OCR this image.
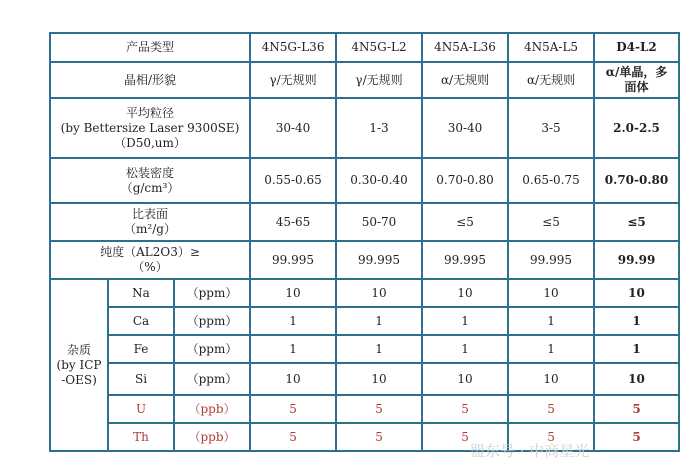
产品类型			4N5G-L36	4N5G-L2	4N5A-L36	4N5A-L5	D4-L2
晶相/形貌			γ/无规则	γ/无规则	α/无规则	α/无规则	α/单晶，多面体

平均粒径
(by Bettersize Laser 9300SE)
（D50,um）			30-40	1-3	30-40	3-5	2.0-2.5

松装密度
（g/cm³）			0.55-0.65	0.30-0.40	0.70-0.80	0.65-0.75	0.70-0.80

比表面
（m²/g）			45-65	50-70	≤5	≤5	≤5

纯度（AL2O3）≥
（%）			99.995	99.995	99.995	99.995	99.99

杂质
(by ICP
-OES)	Na	（ppm）	10	10	10	10	10
	Ca	（ppm）	1	1	1	1	1
	Fe	（ppm）	1	1	1	1	1
	Si	（ppm）	10	10	10	10	10
	U	（ppb）	5	5	5	5	5
	Th	（ppb）	5	5	5	5	5
盟东号 · 中商星光
